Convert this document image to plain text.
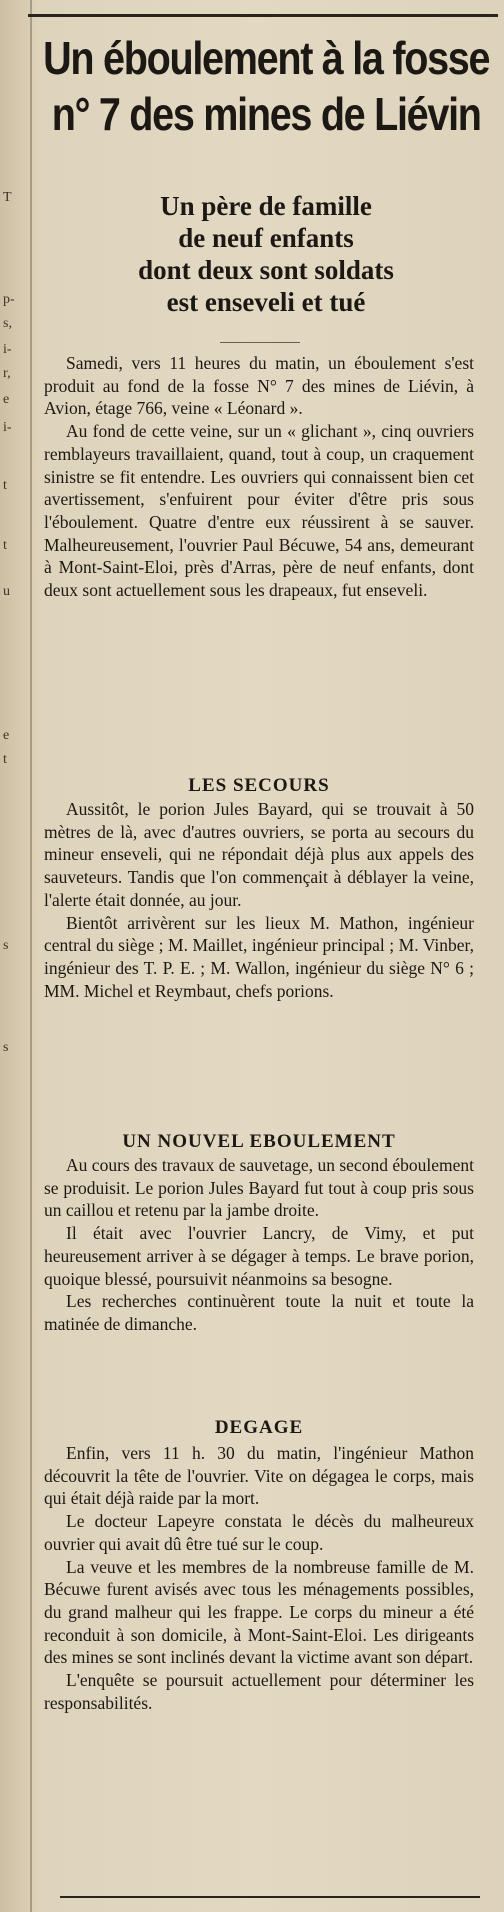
T
p-
s,
i-
r,
e
i-
t
t
u
e
t
s
s
Un éboulement à la fosse
n° 7 des mines de Liévin
Un père de famille
de neuf enfants
dont deux sont soldats
est enseveli et tué

Samedi, vers 11 heures du matin, un éboulement s'est produit au fond de la fosse N° 7 des mines de Liévin, à Avion, étage 766, veine « Léonard ».

Au fond de cette veine, sur un « glichant », cinq ouvriers remblayeurs travaillaient, quand, tout à coup, un craquement sinistre se fit entendre. Les ouvriers qui connaissent bien cet avertissement, s'enfuirent pour éviter d'être pris sous l'éboulement. Quatre d'entre eux réussirent à se sauver. Malheureusement, l'ouvrier Paul Bécuwe, 54 ans, demeurant à Mont-Saint-Eloi, près d'Arras, père de neuf enfants, dont deux sont actuellement sous les drapeaux, fut enseveli.

LES SECOURS

Aussitôt, le porion Jules Bayard, qui se trouvait à 50 mètres de là, avec d'autres ouvriers, se porta au secours du mineur enseveli, qui ne répondait déjà plus aux appels des sauveteurs. Tandis que l'on commençait à déblayer la veine, l'alerte était donnée, au jour.

Bientôt arrivèrent sur les lieux M. Mathon, ingénieur central du siège ; M. Maillet, ingénieur principal ; M. Vinber, ingénieur des T. P. E. ; M. Wallon, ingénieur du siège N° 6 ; MM. Michel et Reymbaut, chefs porions.

UN NOUVEL EBOULEMENT

Au cours des travaux de sauvetage, un second éboulement se produisit. Le porion Jules Bayard fut tout à coup pris sous un caillou et retenu par la jambe droite.

Il était avec l'ouvrier Lancry, de Vimy, et put heureusement arriver à se dégager à temps. Le brave porion, quoique blessé, poursuivit néanmoins sa besogne.

Les recherches continuèrent toute la nuit et toute la matinée de dimanche.

DEGAGE

Enfin, vers 11 h. 30 du matin, l'ingénieur Mathon découvrit la tête de l'ouvrier. Vite on dégagea le corps, mais qui était déjà raide par la mort.

Le docteur Lapeyre constata le décès du malheureux ouvrier qui avait dû être tué sur le coup.

La veuve et les membres de la nombreuse famille de M. Bécuwe furent avisés avec tous les ménagements possibles, du grand malheur qui les frappe. Le corps du mineur a été reconduit à son domicile, à Mont-Saint-Eloi. Les dirigeants des mines se sont inclinés devant la victime avant son départ.

L'enquête se poursuit actuellement pour déterminer les responsabilités.
